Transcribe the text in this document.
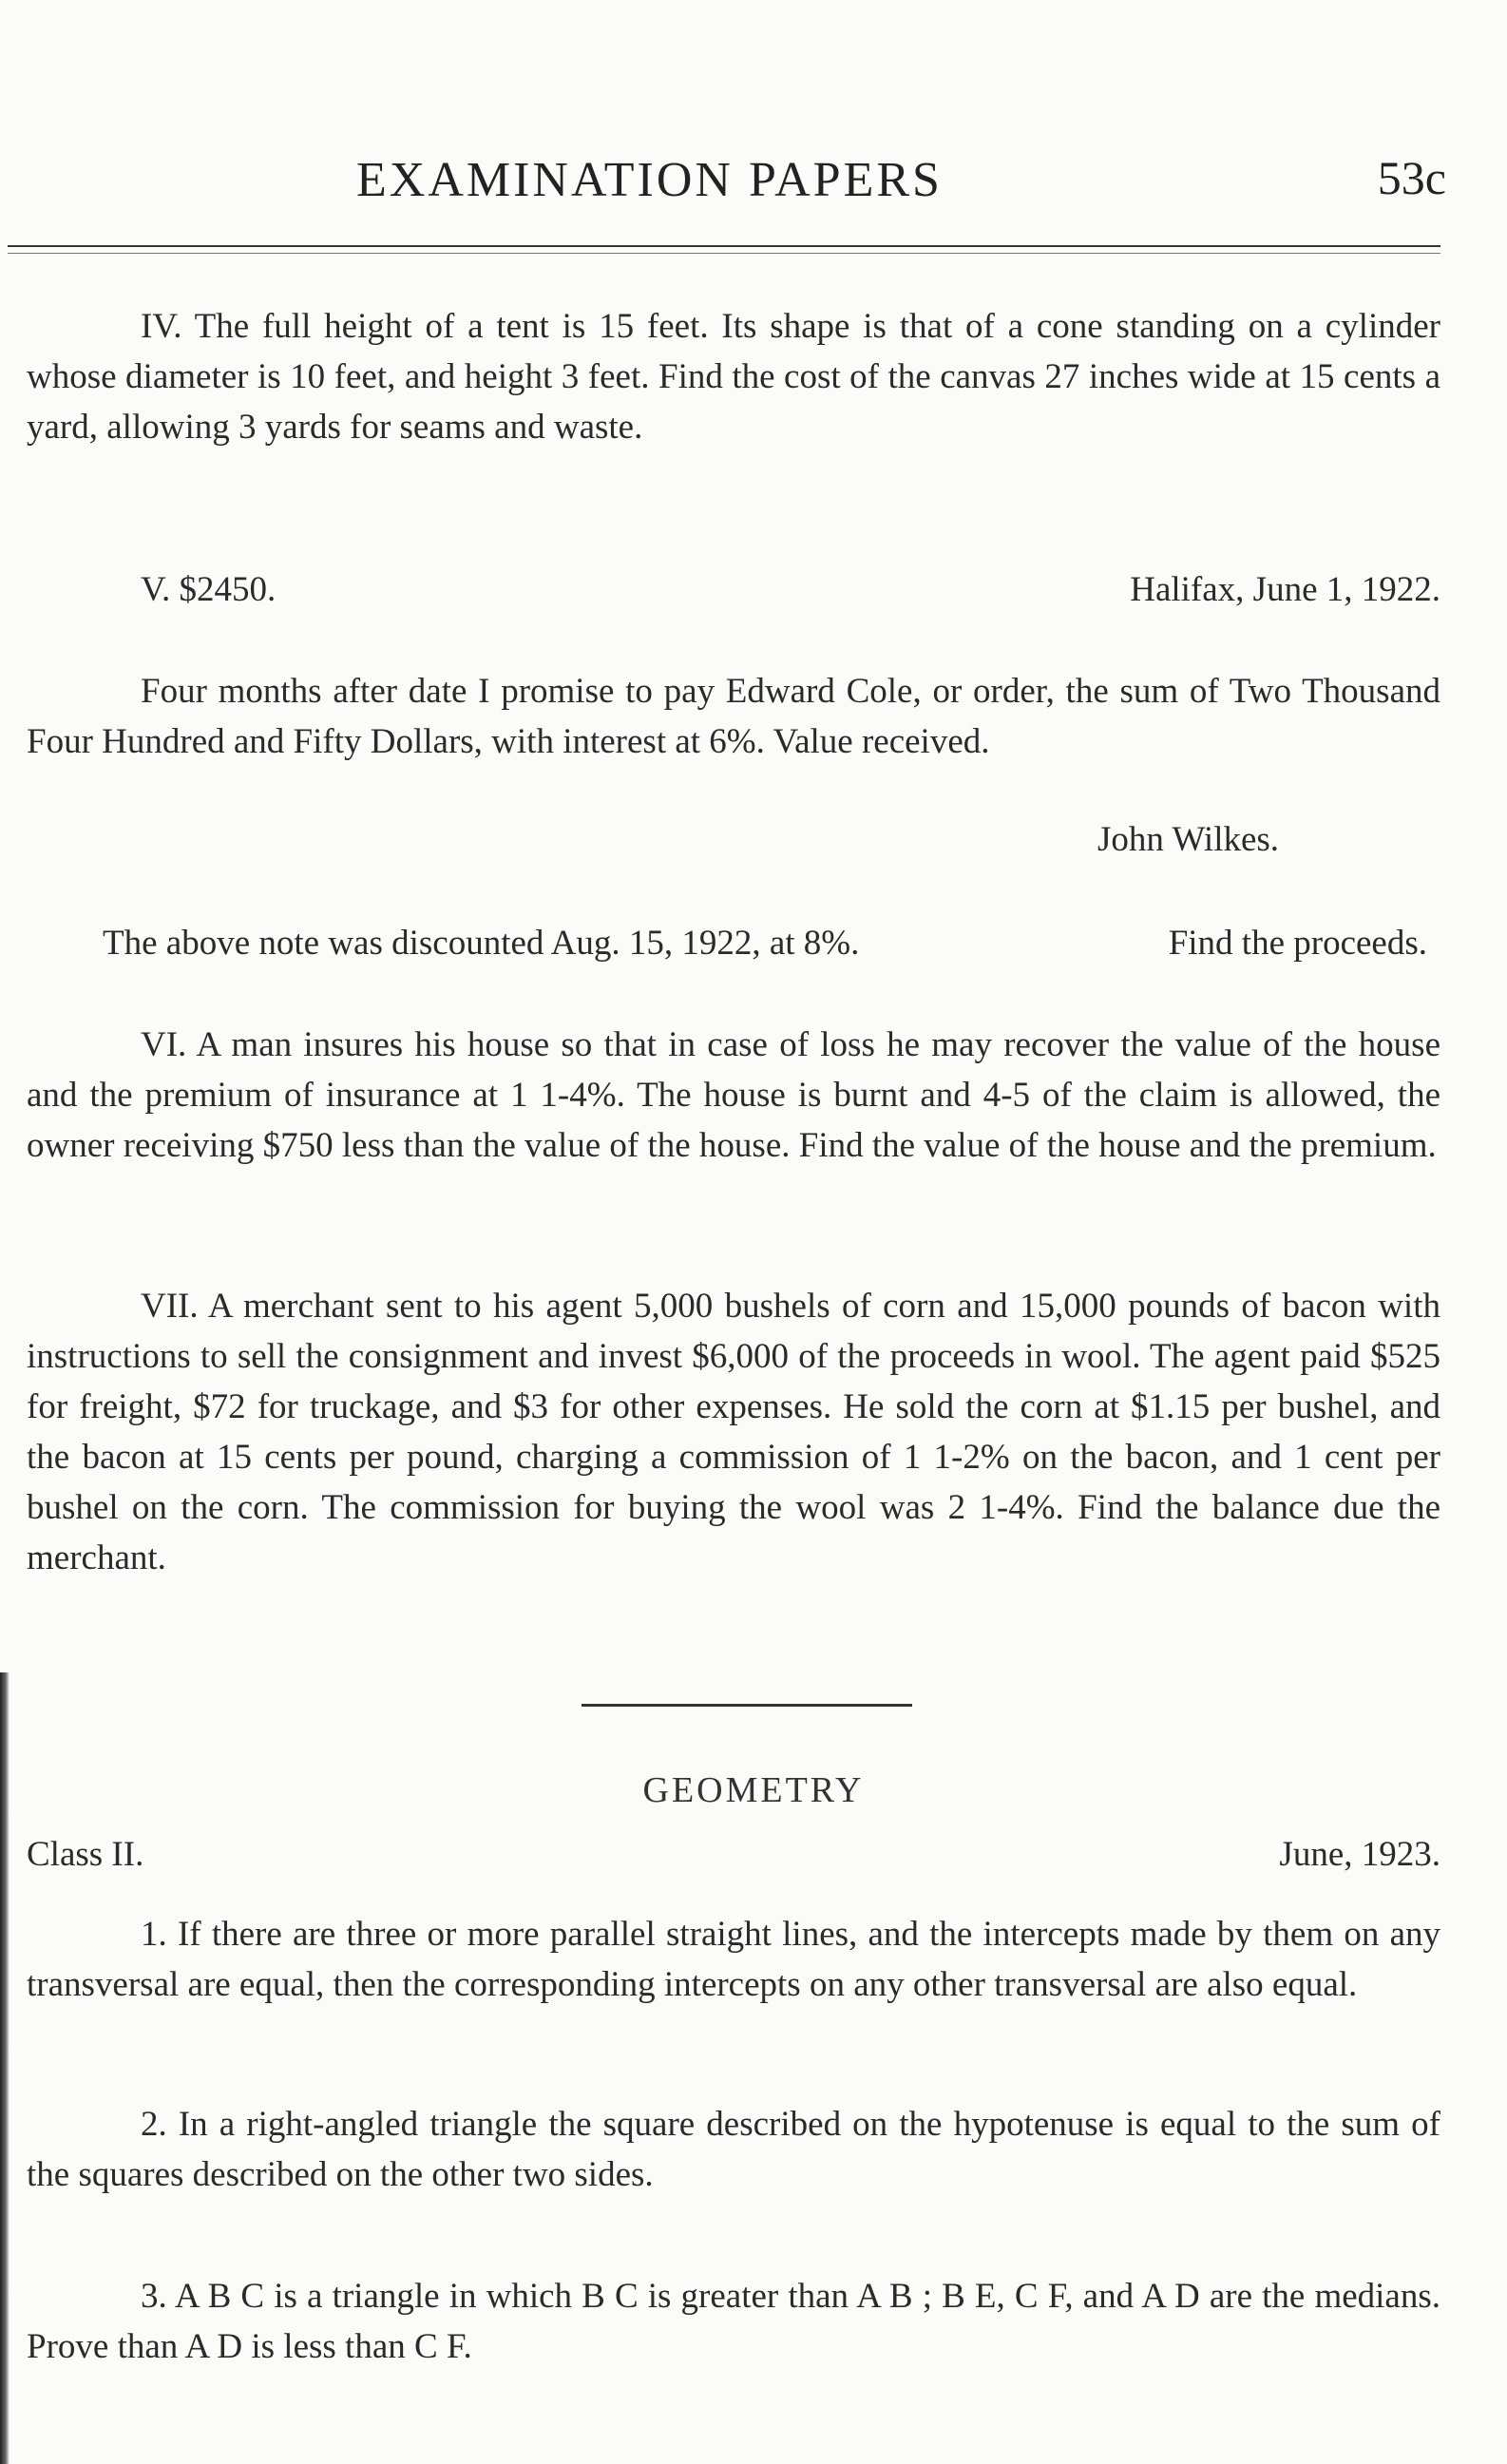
EXAMINATION PAPERS	53c

IV. The full height of a tent is 15 feet. Its shape is that of a cone standing on a cylinder whose diameter is 10 feet, and height 3 feet. Find the cost of the canvas 27 inches wide at 15 cents a yard, allowing 3 yards for seams and waste.

V. $2450.	Halifax, June 1, 1922.

Four months after date I promise to pay Edward Cole, or order, the sum of Two Thousand Four Hundred and Fifty Dollars, with interest at 6%. Value received.

John Wilkes.
The above note was discounted Aug. 15, 1922, at 8%.	Find the proceeds.

VI. A man insures his house so that in case of loss he may recover the value of the house and the premium of insurance at 1 1-4%. The house is burnt and 4-5 of the claim is allowed, the owner receiving $750 less than the value of the house. Find the value of the house and the premium.

VII. A merchant sent to his agent 5,000 bushels of corn and 15,000 pounds of bacon with instructions to sell the consignment and invest $6,000 of the proceeds in wool. The agent paid $525 for freight, $72 for truckage, and $3 for other expenses. He sold the corn at $1.15 per bushel, and the bacon at 15 cents per pound, charging a commission of 1 1-2% on the bacon, and 1 cent per bushel on the corn. The commission for buying the wool was 2 1-4%. Find the balance due the merchant.

GEOMETRY
Class II.	June, 1923.

1. If there are three or more parallel straight lines, and the intercepts made by them on any transversal are equal, then the corresponding intercepts on any other transversal are also equal.

2. In a right-angled triangle the square described on the hypotenuse is equal to the sum of the squares described on the other two sides.

3. A B C is a triangle in which B C is greater than A B ; B E, C F, and A D are the medians. Prove than A D is less than C F.
